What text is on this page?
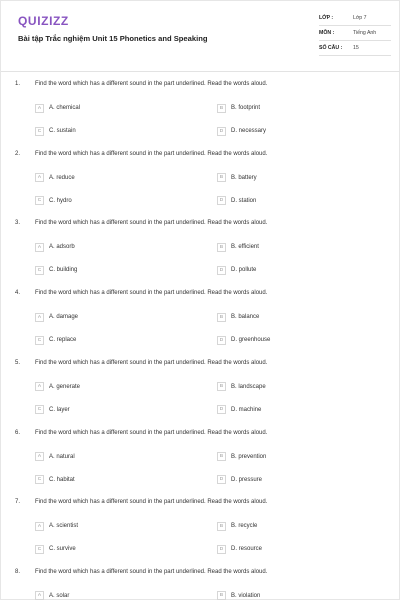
QUIZIZZ
Bài tập Trắc nghiệm Unit 15 Phonetics and Speaking
LỚP :	Lớp 7
MÔN :	Tiếng Anh
SỐ CÂU :	15
1. Find the word which has a different sound in the part underlined. Read the words aloud.
A	A. chemical	B	B. footprint
C	C. sustain	D	D. necessary
2. Find the word which has a different sound in the part underlined. Read the words aloud.
A	A. reduce	B	B. battery
C	C. hydro	D	D. station
3. Find the word which has a different sound in the part underlined. Read the words aloud.
A	A. adsorb	B	B. efficient
C	C. building	D	D. pollute
4. Find the word which has a different sound in the part underlined. Read the words aloud.
A	A. damage	B	B. balance
C	C. replace	D	D. greenhouse
5. Find the word which has a different sound in the part underlined. Read the words aloud.
A	A. generate	B	B. landscape
C	C. layer	D	D. machine
6. Find the word which has a different sound in the part underlined. Read the words aloud.
A	A. natural	B	B. prevention
C	C. habitat	D	D. pressure
7. Find the word which has a different sound in the part underlined. Read the words aloud.
A	A. scientist	B	B. recycle
C	C. survive	D	D. resource
8. Find the word which has a different sound in the part underlined. Read the words aloud.
A	A. solar	B	B. violation
